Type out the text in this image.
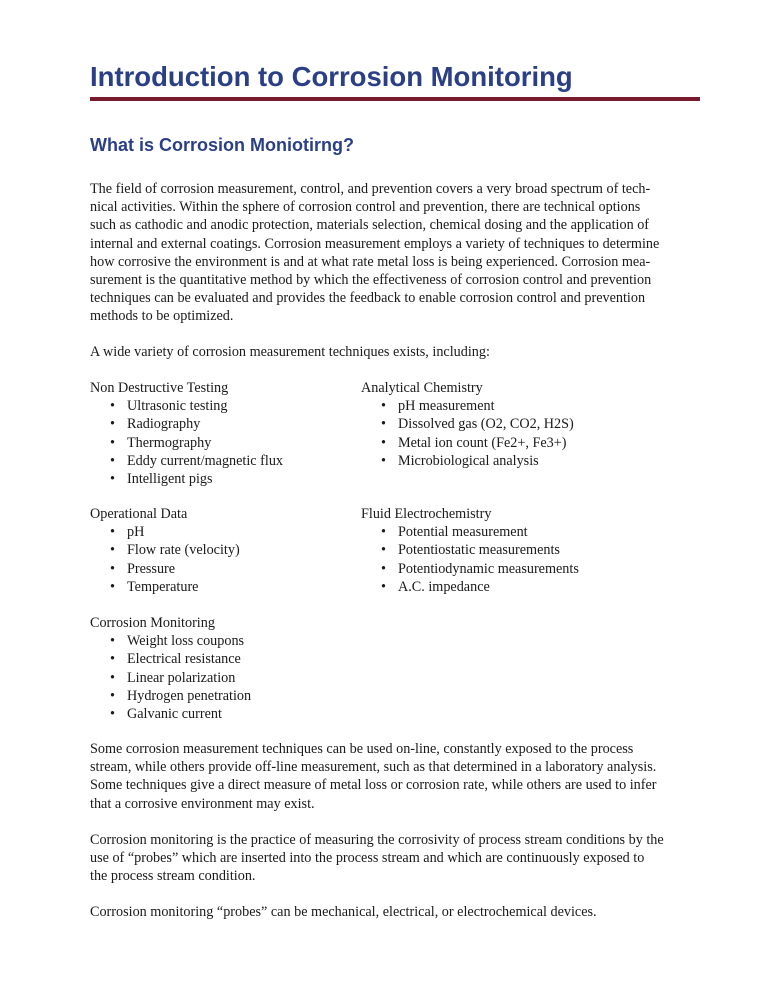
Introduction to Corrosion Monitoring
What is Corrosion Moniotirng?

The field of corrosion measurement, control, and prevention covers a very broad spectrum of tech-
nical activities. Within the sphere of corrosion control and prevention, there are technical options
such as cathodic and anodic protection, materials selection, chemical dosing and the application of
internal and external coatings. Corrosion measurement employs a variety of techniques to determine
how corrosive the environment is and at what rate metal loss is being experienced. Corrosion mea-
surement is the quantitative method by which the effectiveness of corrosion control and prevention
techniques can be evaluated and provides the feedback to enable corrosion control and prevention
methods to be optimized.

A wide variety of corrosion measurement techniques exists, including:

Non Destructive Testing
• Ultrasonic testing
• Radiography
• Thermography
• Eddy current/magnetic flux
• Intelligent pigs
Analytical Chemistry
• pH measurement
• Dissolved gas (O2, CO2, H2S)
• Metal ion count (Fe2+, Fe3+)
• Microbiological analysis
Operational Data
• pH
• Flow rate (velocity)
• Pressure
• Temperature
Fluid Electrochemistry
• Potential measurement
• Potentiostatic measurements
• Potentiodynamic measurements
• A.C. impedance
Corrosion Monitoring
• Weight loss coupons
• Electrical resistance
• Linear polarization
• Hydrogen penetration
• Galvanic current

Some corrosion measurement techniques can be used on-line, constantly exposed to the process
stream, while others provide off-line measurement, such as that determined in a laboratory analysis.
Some techniques give a direct measure of metal loss or corrosion rate, while others are used to infer
that a corrosive environment may exist.

Corrosion monitoring is the practice of measuring the corrosivity of process stream conditions by the
use of “probes” which are inserted into the process stream and which are continuously exposed to
the process stream condition.

Corrosion monitoring “probes” can be mechanical, electrical, or electrochemical devices.
